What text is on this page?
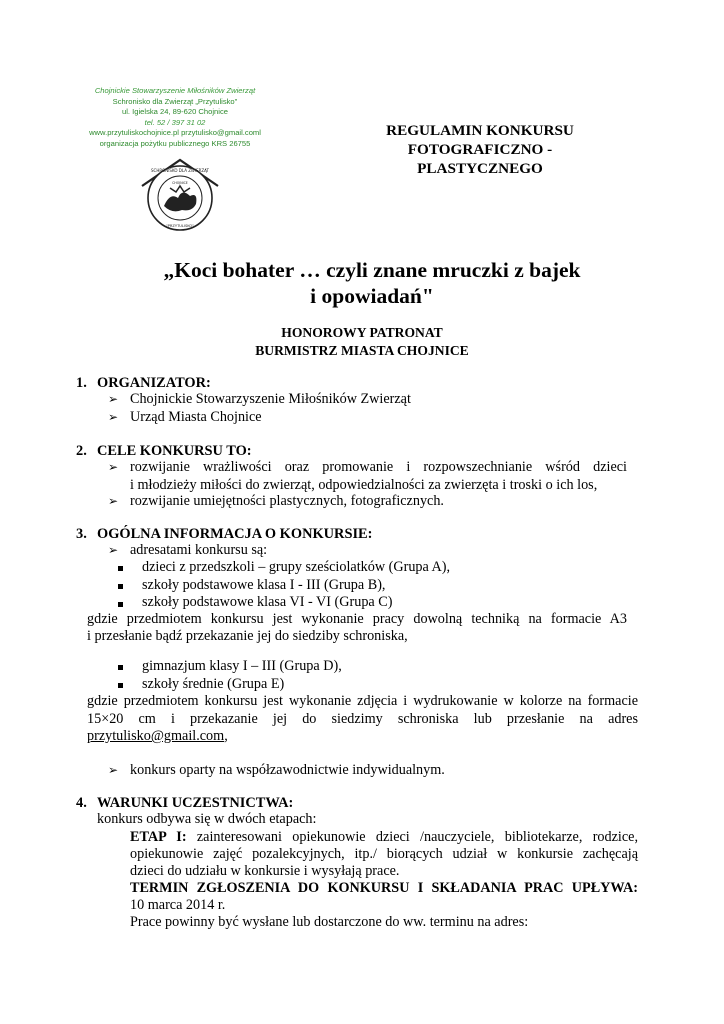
Chojnickie Stowarzyszenie Miłośników Zwierząt
Schronisko dla Zwierząt „Przytulisko"
ul. Igielska 24, 89-620 Chojnice
tel. 52 / 397 31 02
www.przytuliskochojnice.pl przytulisko@gmail.coml
organizacja pożytku publicznego KRS 26755
SCHRONISKO DLA ZWIERZĄT
CHOJNICE
"PRZYTULISKO"
REGULAMIN KONKURSU
FOTOGRAFICZNO -
PLASTYCZNEGO
„Koci bohater … czyli znane mruczki z bajek
i opowiadań"
HONOROWY PATRONAT
BURMISTRZ MIASTA CHOJNICE
1. ORGANIZATOR:
➢ Chojnickie Stowarzyszenie Miłośników Zwierząt
➢ Urząd Miasta Chojnice
2. CELE KONKURSU TO:
➢ rozwijanie wrażliwości oraz promowanie i rozpowszechnianie wśród dzieci
i młodzieży miłości do zwierząt, odpowiedzialności za zwierzęta i troski o ich los,
➢ rozwijanie umiejętności plastycznych, fotograficznych.
3. OGÓLNA INFORMACJA O KONKURSIE:
➢ adresatami konkursu są:
dzieci z przedszkoli – grupy sześciolatków (Grupa A),
szkoły podstawowe klasa I - III (Grupa B),
szkoły podstawowe klasa VI - VI (Grupa C)
gdzie przedmiotem konkursu jest wykonanie pracy dowolną techniką na formacie A3
i przesłanie bądź przekazanie jej do siedziby schroniska,
gimnazjum klasy I – III (Grupa D),
szkoły średnie (Grupa E)
gdzie przedmiotem konkursu jest wykonanie zdjęcia i wydrukowanie w kolorze na formacie
15×20 cm i przekazanie jej do siedzimy schroniska lub przesłanie na adres
przytulisko@gmail.com,
➢ konkurs oparty na współzawodnictwie indywidualnym.
4. WARUNKI UCZESTNICTWA:
konkurs odbywa się w dwóch etapach:
ETAP I: zainteresowani opiekunowie dzieci /nauczyciele, bibliotekarze, rodzice,
opiekunowie zajęć pozalekcyjnych, itp./ biorących udział w konkursie zachęcają
dzieci do udziału w konkursie i wysyłają prace.
TERMIN ZGŁOSZENIA DO KONKURSU I SKŁADANIA PRAC UPŁYWA:
10 marca 2014 r.
Prace powinny być wysłane lub dostarczone do ww. terminu na adres:
